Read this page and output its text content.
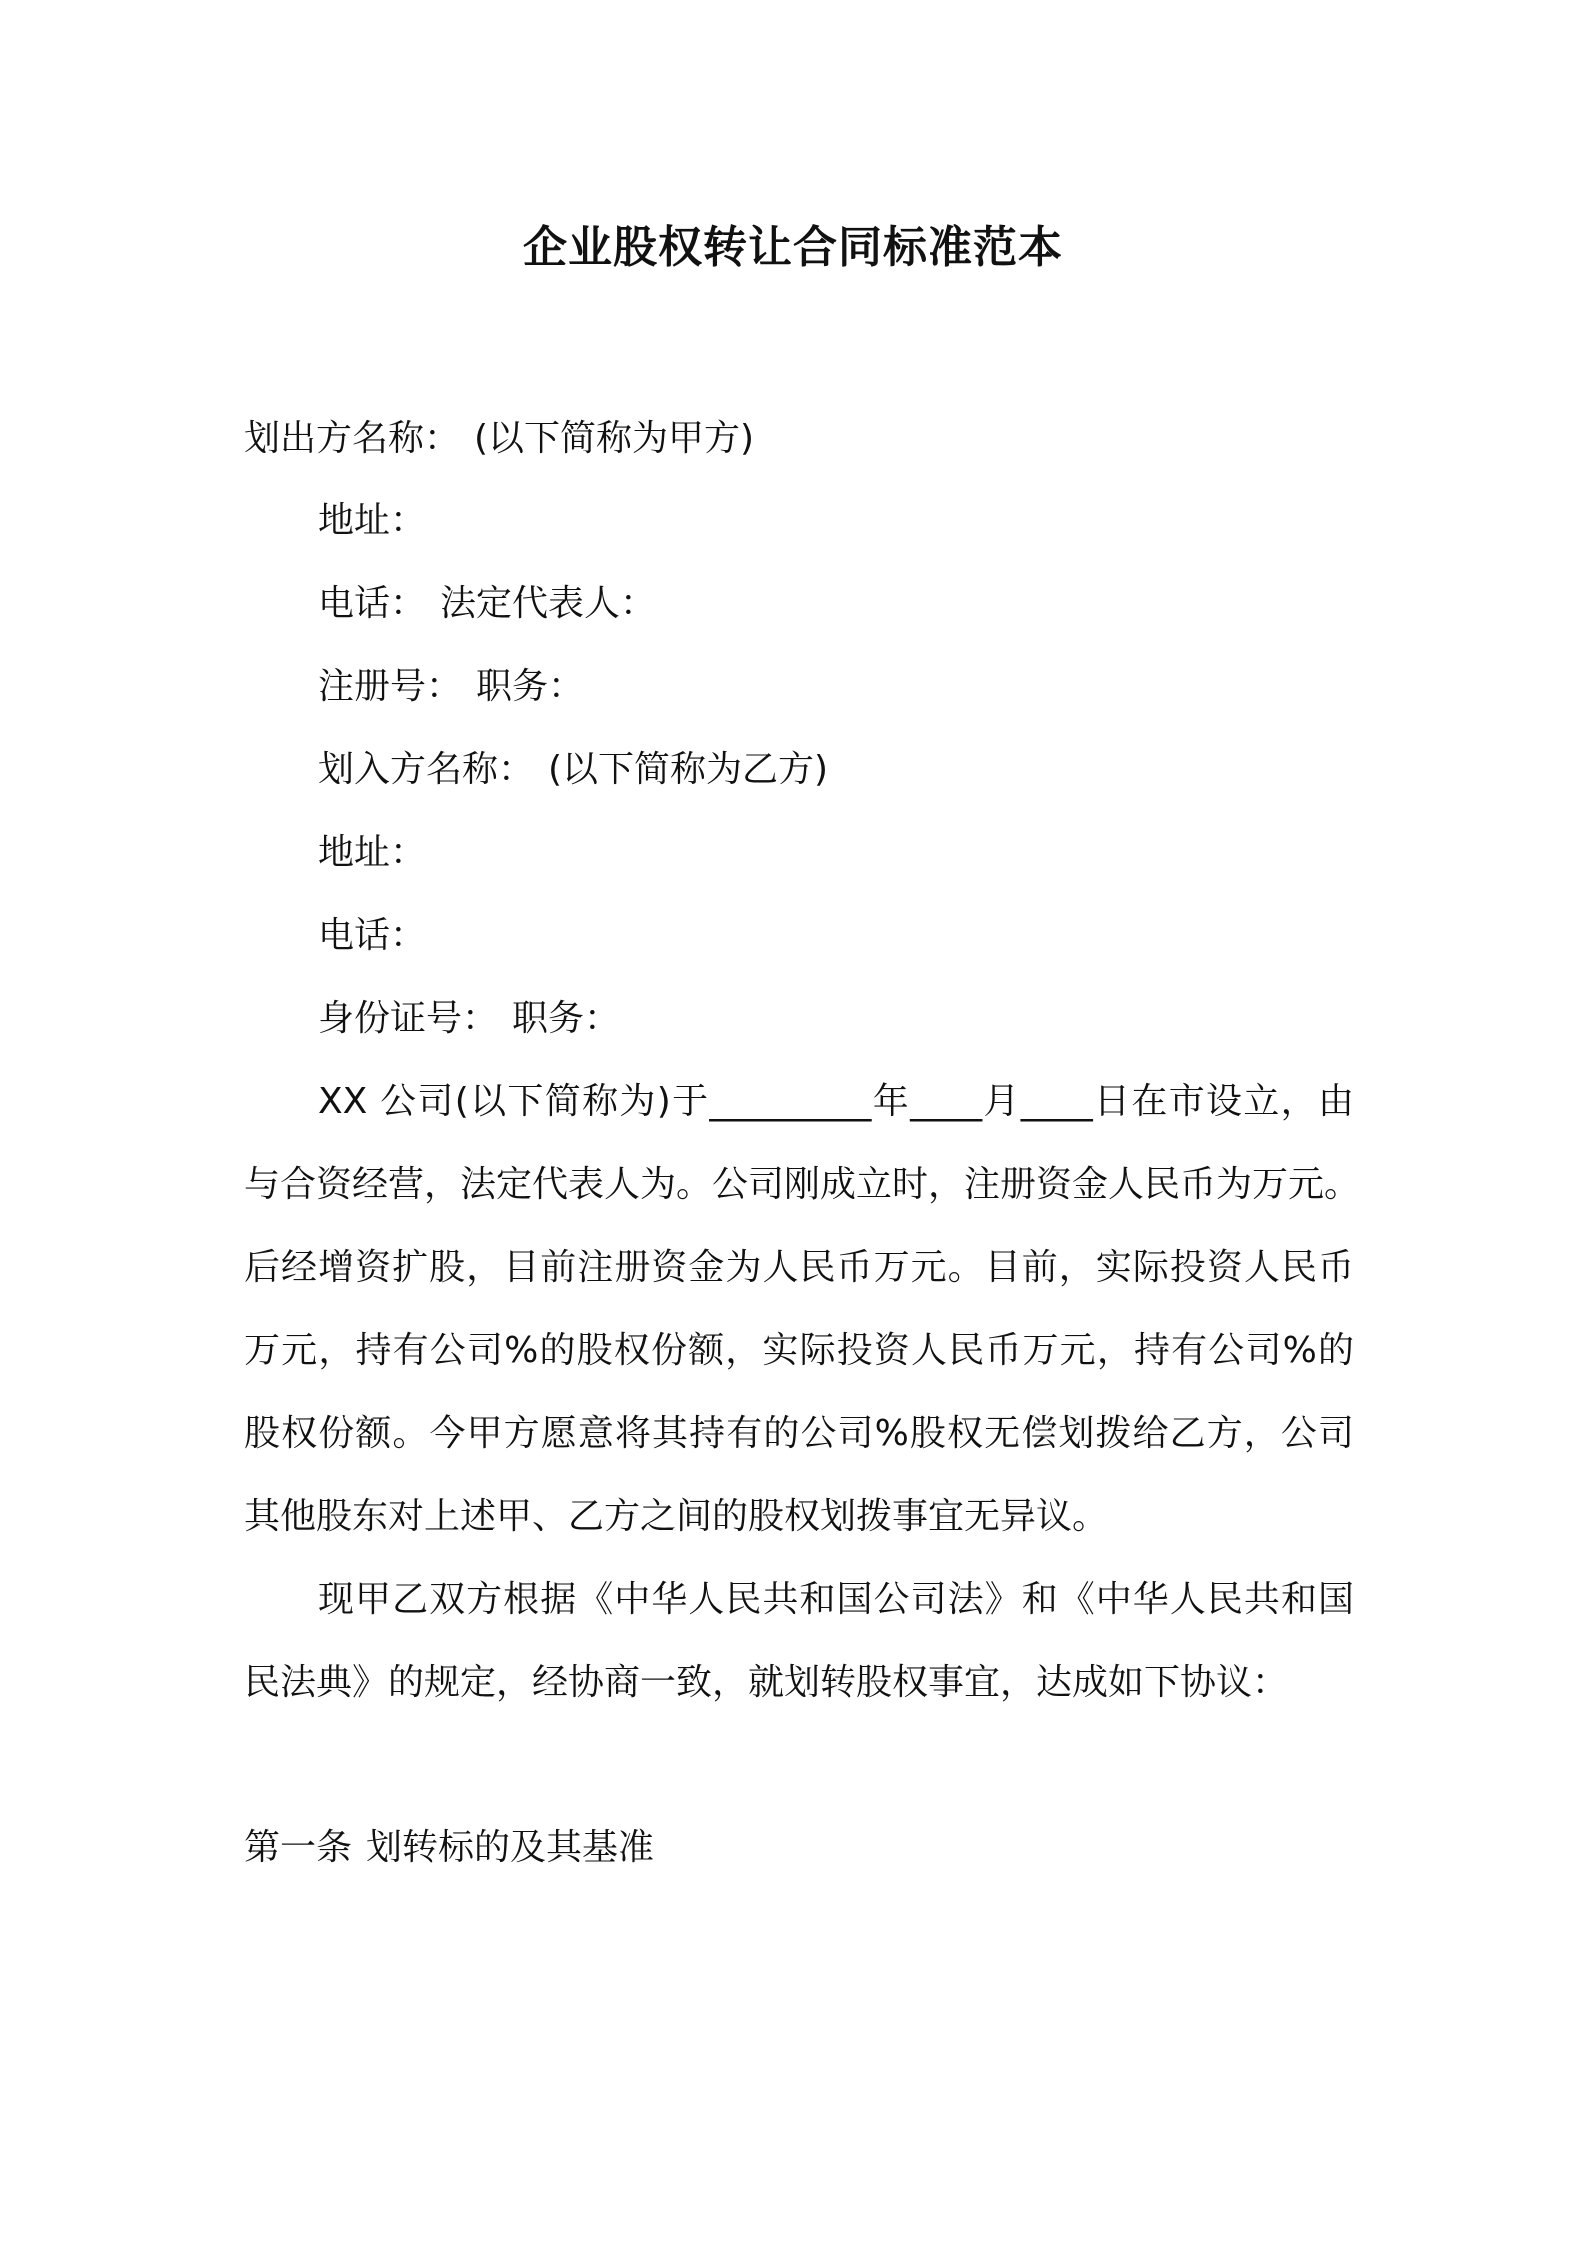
企业股权转让合同标准范本
划出方名称： (以下简称为甲方)
地址：
电话： 法定代表人：
注册号： 职务：
划入方名称： (以下简称为乙方)
地址：
电话：
身份证号： 职务：
XX 公司(以下简称为)于_________年____月____日在市设立，由
与合资经营，法定代表人为。公司刚成立时，注册资金人民币为万元。
后经增资扩股，目前注册资金为人民币万元。目前，实际投资人民币
万元，持有公司%的股权份额，实际投资人民币万元，持有公司%的
股权份额。今甲方愿意将其持有的公司%股权无偿划拨给乙方，公司
其他股东对上述甲、乙方之间的股权划拨事宜无异议。
现甲乙双方根据《中华人民共和国公司法》和《中华人民共和国
民法典》的规定，经协商一致，就划转股权事宜，达成如下协议：
第一条 划转标的及其基准
